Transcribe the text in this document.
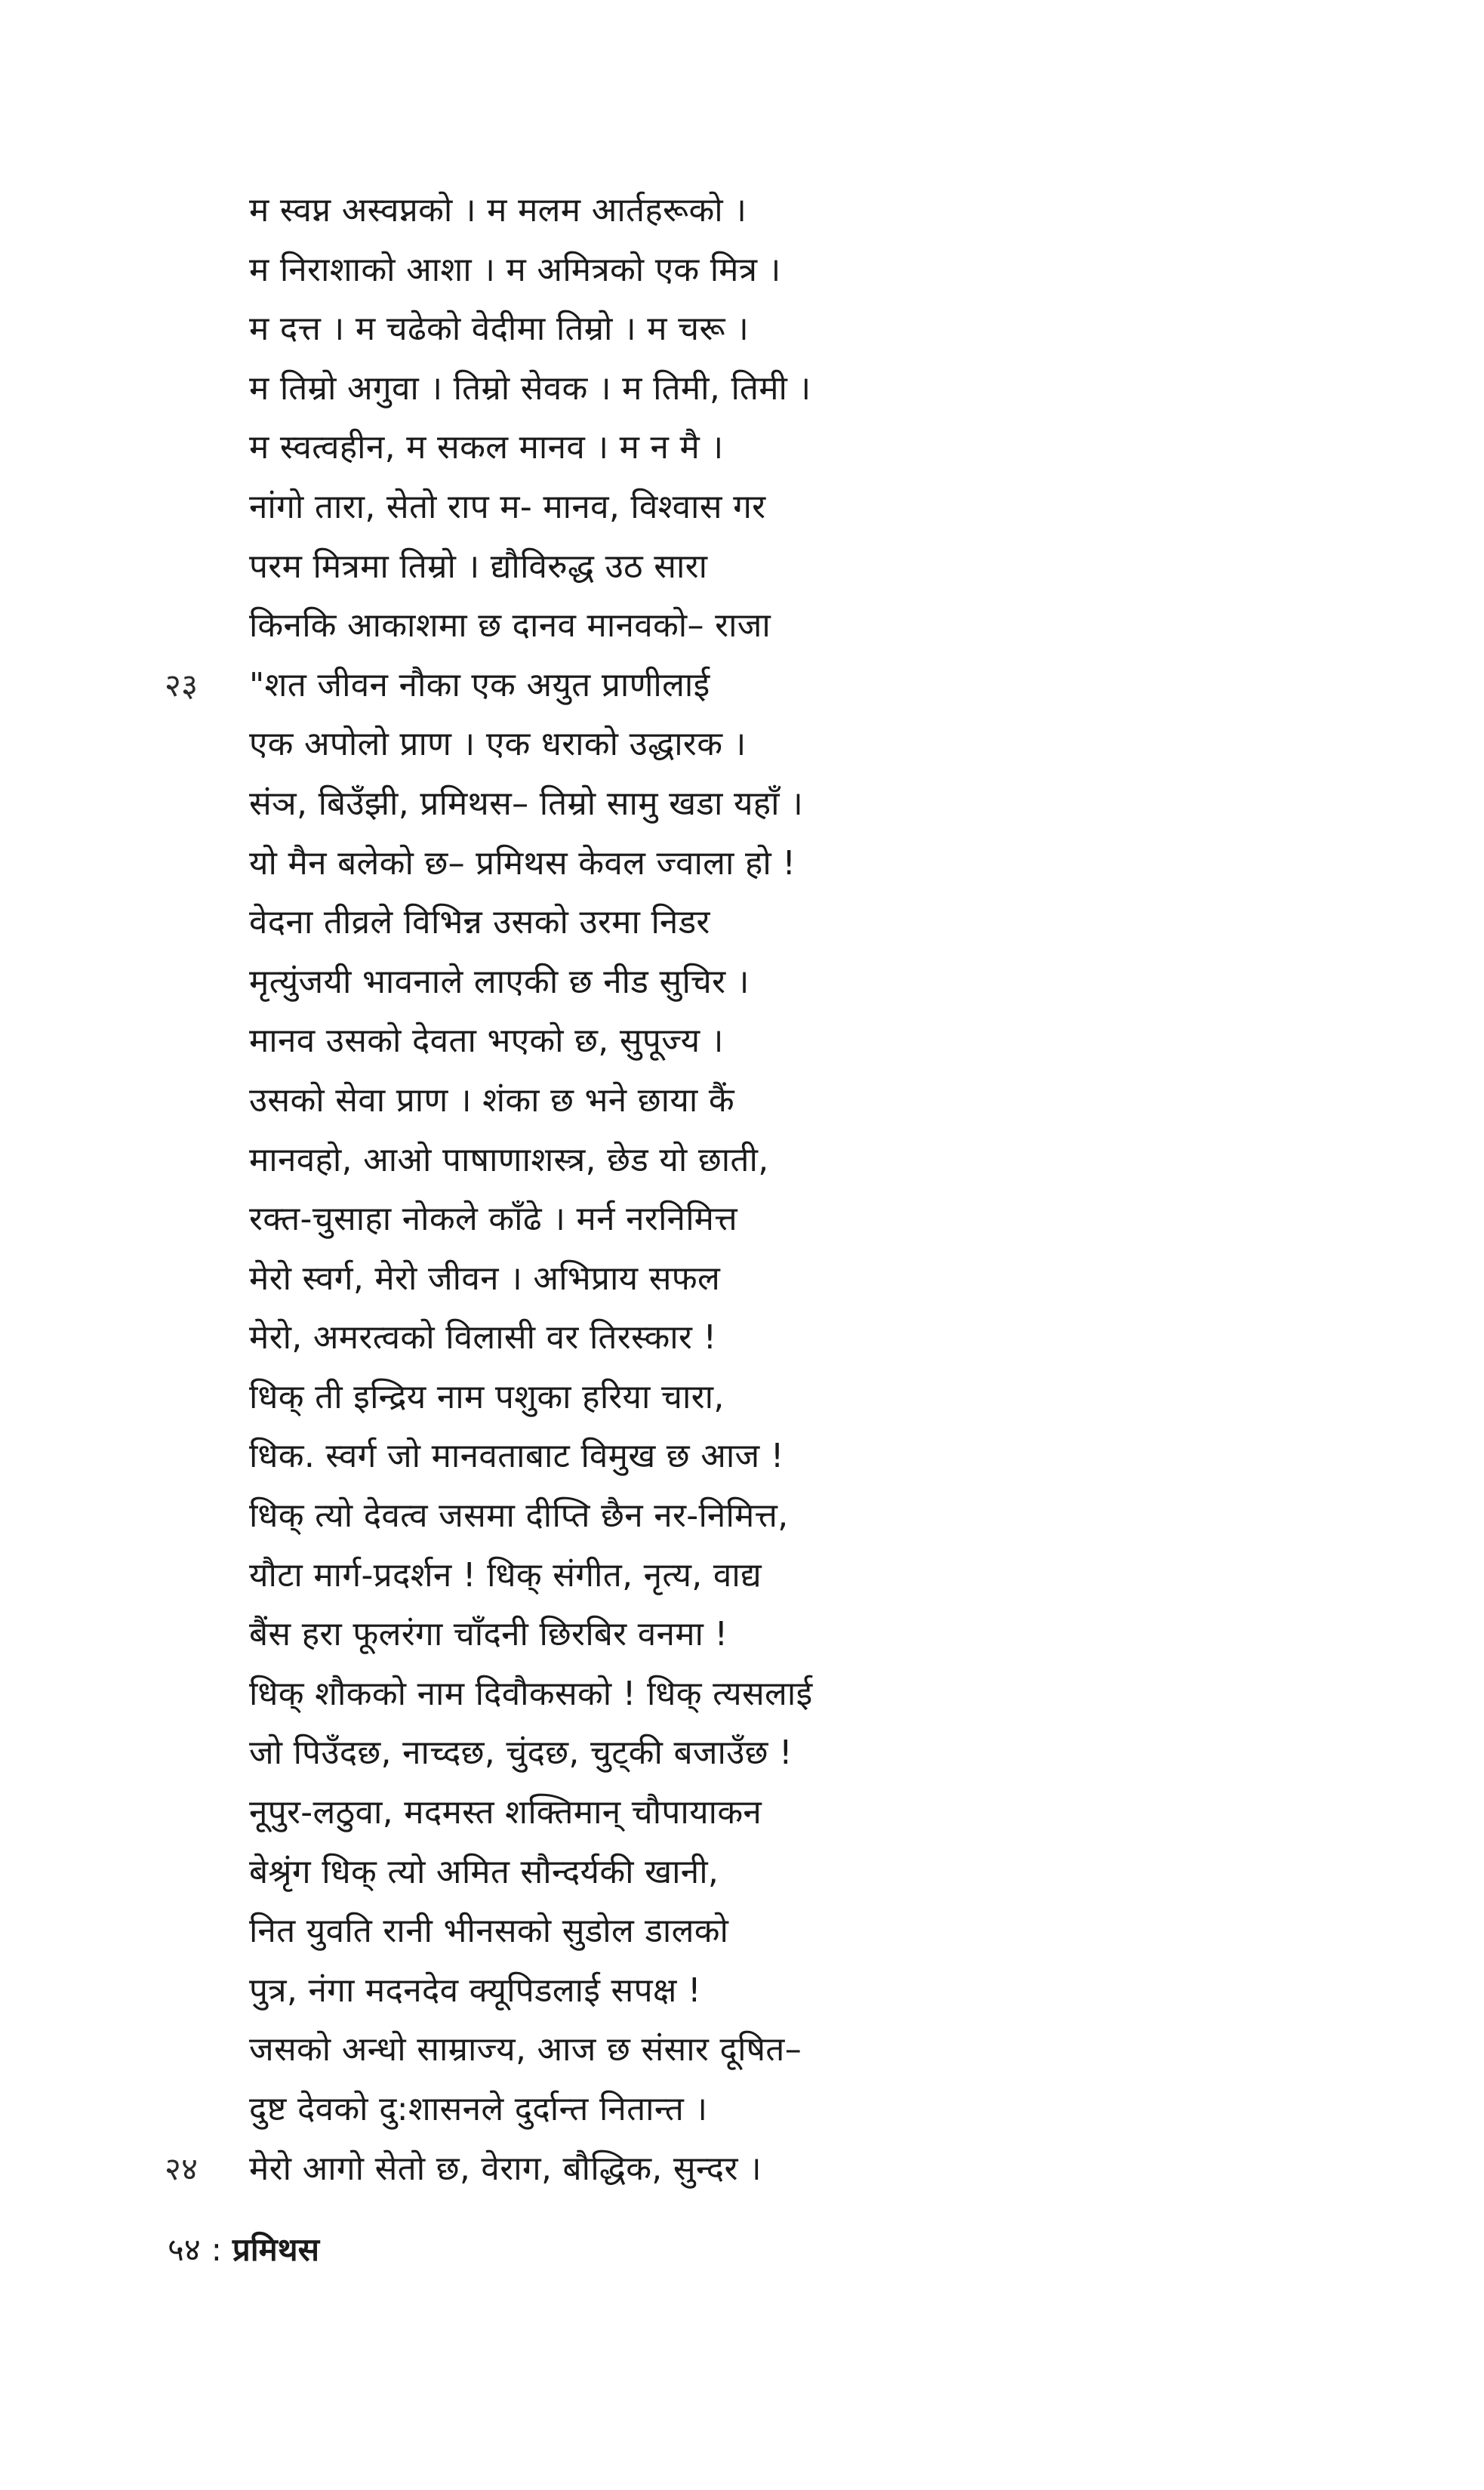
म स्वप्न अस्वप्नको । म मलम आर्तहरूको ।
म निराशाको आशा । म अमित्रको एक मित्र ।
म दत्त । म चढेको वेदीमा तिम्रो । म चरू ।
म तिम्रो अगुवा । तिम्रो सेवक । म तिमी, तिमी ।
म स्वत्वहीन, म सकल मानव । म न मै ।
नांगो तारा, सेतो राप म- मानव, विश्वास गर
परम मित्रमा तिम्रो । द्यौविरुद्ध उठ सारा
किनकि आकाशमा छ दानव मानवको– राजा
२३ "शत जीवन नौका एक अयुत प्राणीलाई
एक अपोलो प्राण । एक धराको उद्धारक ।
संञ, बिउँझी, प्रमिथस– तिम्रो सामु खडा यहाँ ।
यो मैन बलेको छ– प्रमिथस केवल ज्वाला हो !
वेदना तीव्रले विभिन्न उसको उरमा निडर
मृत्युंजयी भावनाले लाएकी छ नीड सुचिर ।
मानव उसको देवता भएको छ, सुपूज्य ।
उसको सेवा प्राण । शंका छ भने छाया कैं
मानवहो, आओ पाषाणाशस्त्र, छेड यो छाती,
रक्त-चुसाहा नोकले काँढे । मर्न नरनिमित्त
मेरो स्वर्ग, मेरो जीवन । अभिप्राय सफल
मेरो, अमरत्वको विलासी वर तिरस्कार !
धिक् ती इन्द्रिय नाम पशुका हरिया चारा,
धिक. स्वर्ग जो मानवताबाट विमुख छ आज !
धिक् त्यो देवत्व जसमा दीप्ति छैन नर-निमित्त,
यौटा मार्ग-प्रदर्शन ! धिक् संगीत, नृत्य, वाद्य
बैंस हरा फूलरंगा चाँदनी छिरबिर वनमा !
धिक् शौकको नाम दिवौकसको ! धिक् त्यसलाई
जो पिउँदछ, नाच्दछ, चुंदछ, चुट्की बजाउँछ !
नूपुर-लठुवा, मदमस्त शक्तिमान् चौपायाकन
बेश्रृंग धिक् त्यो अमित सौन्दर्यकी खानी,
नित युवति रानी भीनसको सुडोल डालको
पुत्र, नंगा मदनदेव क्यूपिडलाई सपक्ष !
जसको अन्धो साम्राज्य, आज छ संसार दूषित–
दुष्ट देवको दु:शासनले दुर्दान्त नितान्त ।
२४ मेरो आगो सेतो छ, वेराग, बौद्धिक, सुन्दर ।
५४ : प्रमिथस
